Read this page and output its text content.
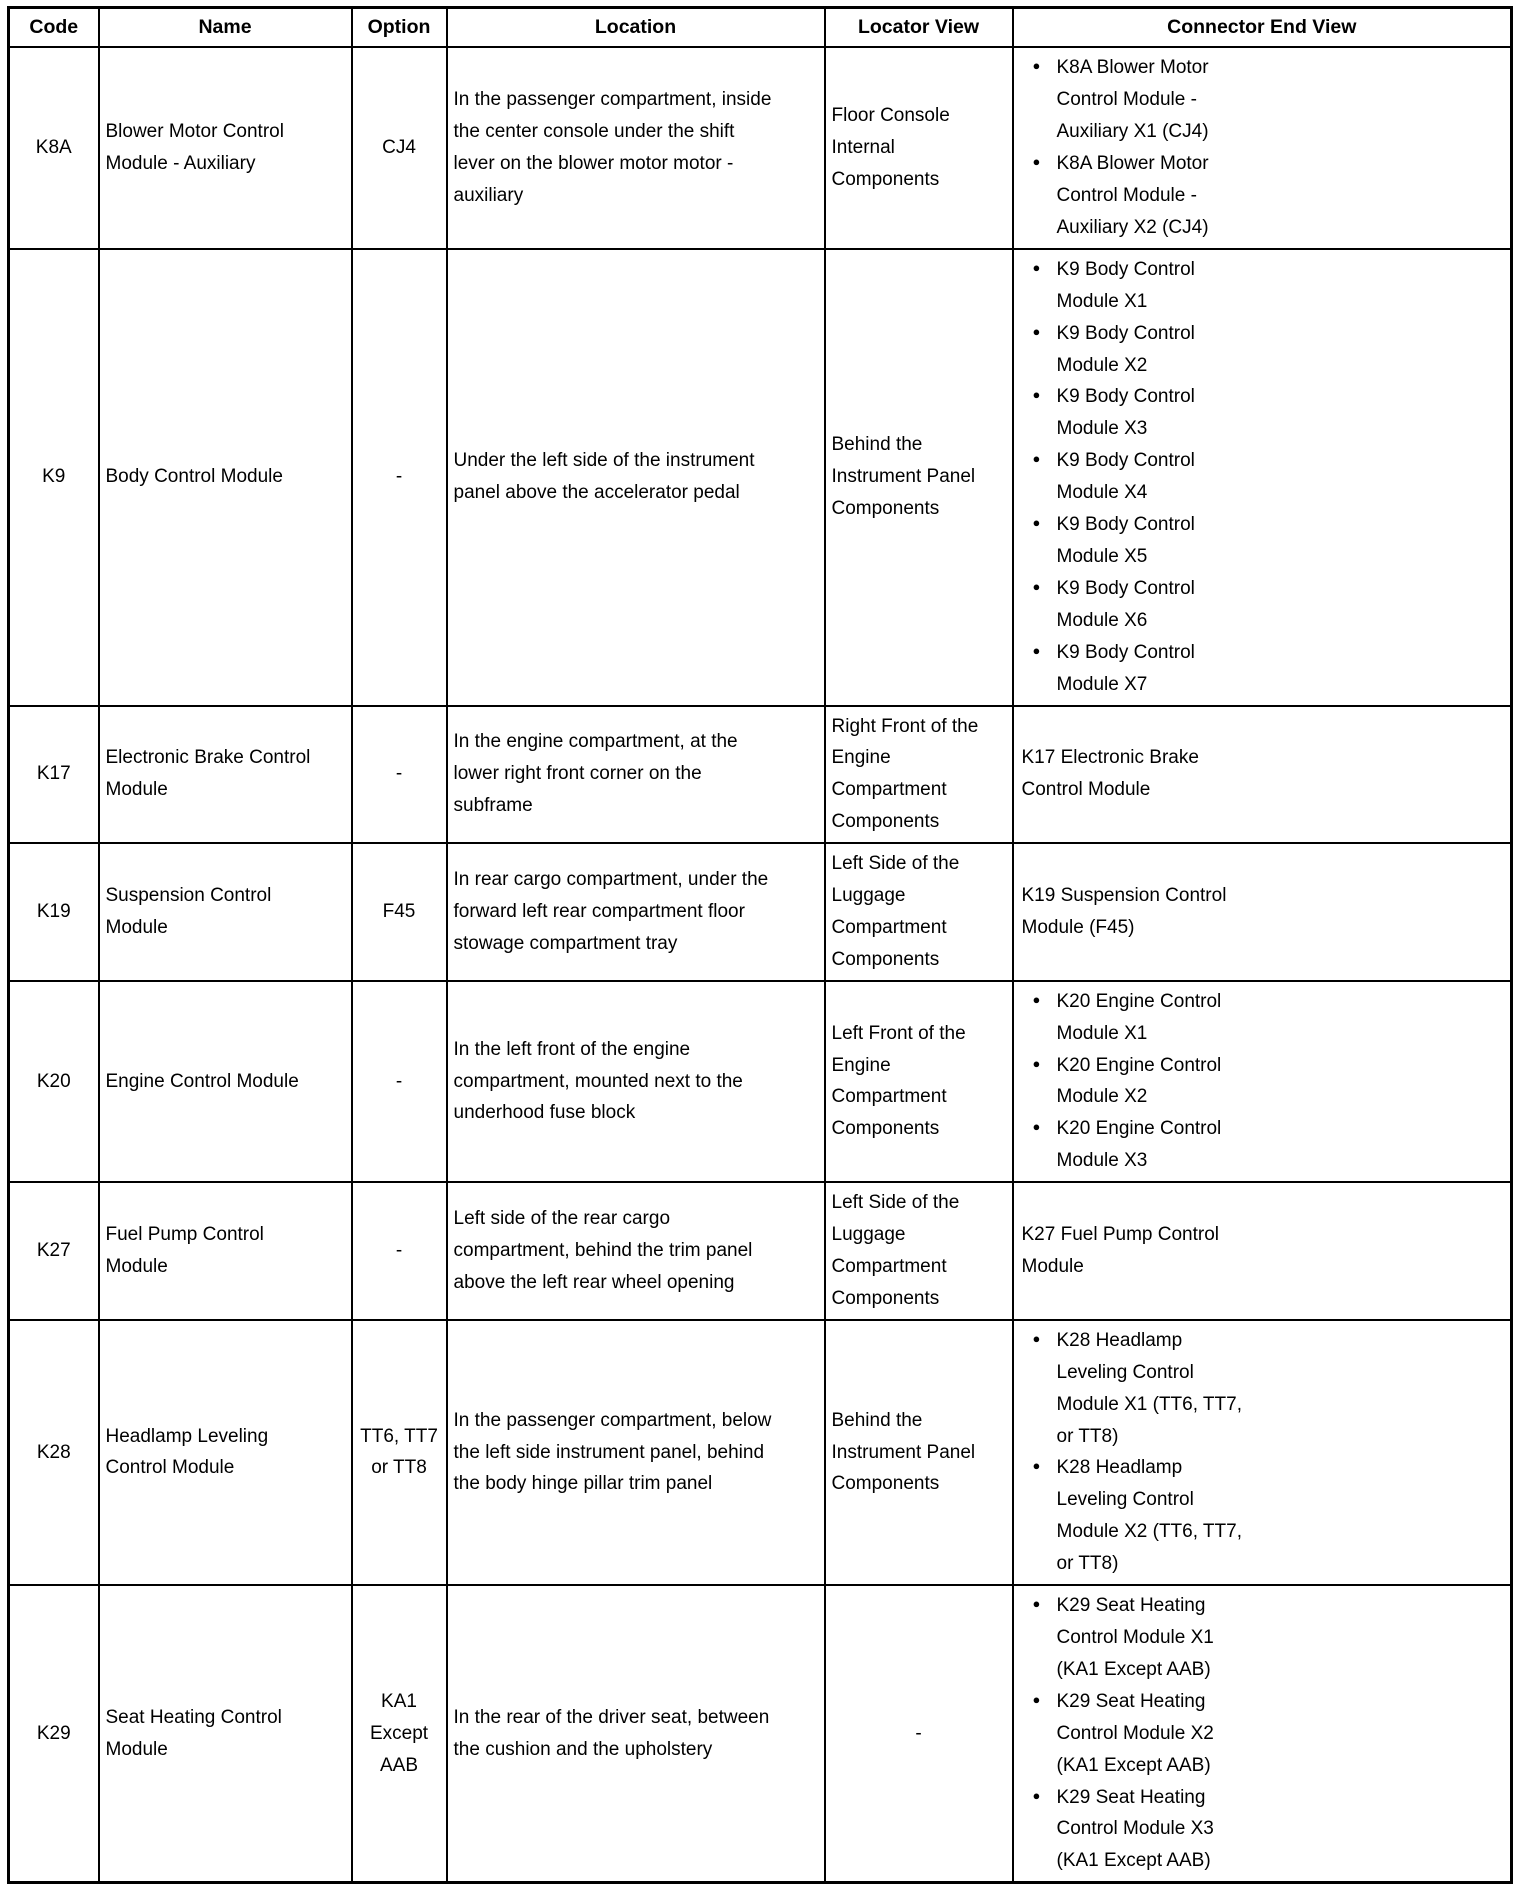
Code	Name	Option	Location	Locator View	Connector End View
K8A	Blower Motor Control Module - Auxiliary	CJ4	In the passenger compartment, inside the center console under the shift lever on the blower motor motor - auxiliary	Floor Console Internal Components	
● K8A Blower Motor Control Module - Auxiliary X1 (CJ4)
● K8A Blower Motor Control Module - Auxiliary X2 (CJ4)

K9	Body Control Module	-	Under the left side of the instrument panel above the accelerator pedal	Behind the Instrument Panel Components	
● K9 Body Control Module X1
● K9 Body Control Module X2
● K9 Body Control Module X3
● K9 Body Control Module X4
● K9 Body Control Module X5
● K9 Body Control Module X6
● K9 Body Control Module X7

K17	Electronic Brake Control Module	-	In the engine compartment, at the lower right front corner on the subframe	Right Front of the Engine Compartment Components	K17 Electronic Brake Control Module

K19	Suspension Control Module	F45	In rear cargo compartment, under the forward left rear compartment floor stowage compartment tray	Left Side of the Luggage Compartment Components	K19 Suspension Control Module (F45)

K20	Engine Control Module	-	In the left front of the engine compartment, mounted next to the underhood fuse block	Left Front of the Engine Compartment Components	
● K20 Engine Control Module X1
● K20 Engine Control Module X2
● K20 Engine Control Module X3

K27	Fuel Pump Control Module	-	Left side of the rear cargo compartment, behind the trim panel above the left rear wheel opening	Left Side of the Luggage Compartment Components	K27 Fuel Pump Control Module

K28	Headlamp Leveling Control Module	TT6, TT7 or TT8	In the passenger compartment, below the left side instrument panel, behind the body hinge pillar trim panel	Behind the Instrument Panel Components	
● K28 Headlamp Leveling Control Module X1 (TT6, TT7, or TT8)
● K28 Headlamp Leveling Control Module X2 (TT6, TT7, or TT8)

K29	Seat Heating Control Module	KA1 Except AAB	In the rear of the driver seat, between the cushion and the upholstery	-	
● K29 Seat Heating Control Module X1 (KA1 Except AAB)
● K29 Seat Heating Control Module X2 (KA1 Except AAB)
● K29 Seat Heating Control Module X3 (KA1 Except AAB)
